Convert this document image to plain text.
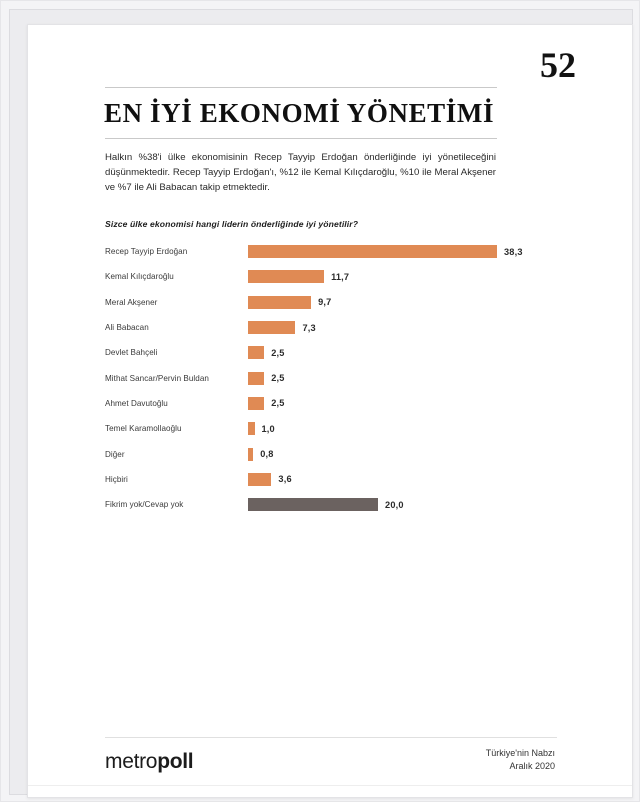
52
EN İYİ EKONOMİ YÖNETİMİ
Halkın %38'i ülke ekonomisinin Recep Tayyip Erdoğan önderliğinde iyi yönetileceğini düşünmektedir. Recep Tayyip Erdoğan'ı, %12 ile Kemal Kılıçdaroğlu, %10 ile Meral Akşener ve %7 ile Ali Babacan takip etmektedir.
Sizce ülke ekonomisi hangi liderin önderliğinde iyi yönetilir?
Recep Tayyip Erdoğan	38,3
Kemal Kılıçdaroğlu	11,7
Meral Akşener	9,7
Ali Babacan	7,3
Devlet Bahçeli	2,5
Mithat Sancar/Pervin Buldan	2,5
Ahmet Davutoğlu	2,5
Temel Karamollaoğlu	1,0
Diğer	0,8
Hiçbiri	3,6
Fikrim yok/Cevap yok	20,0
metropoll	Türkiye'nin Nabzı
Aralık 2020
